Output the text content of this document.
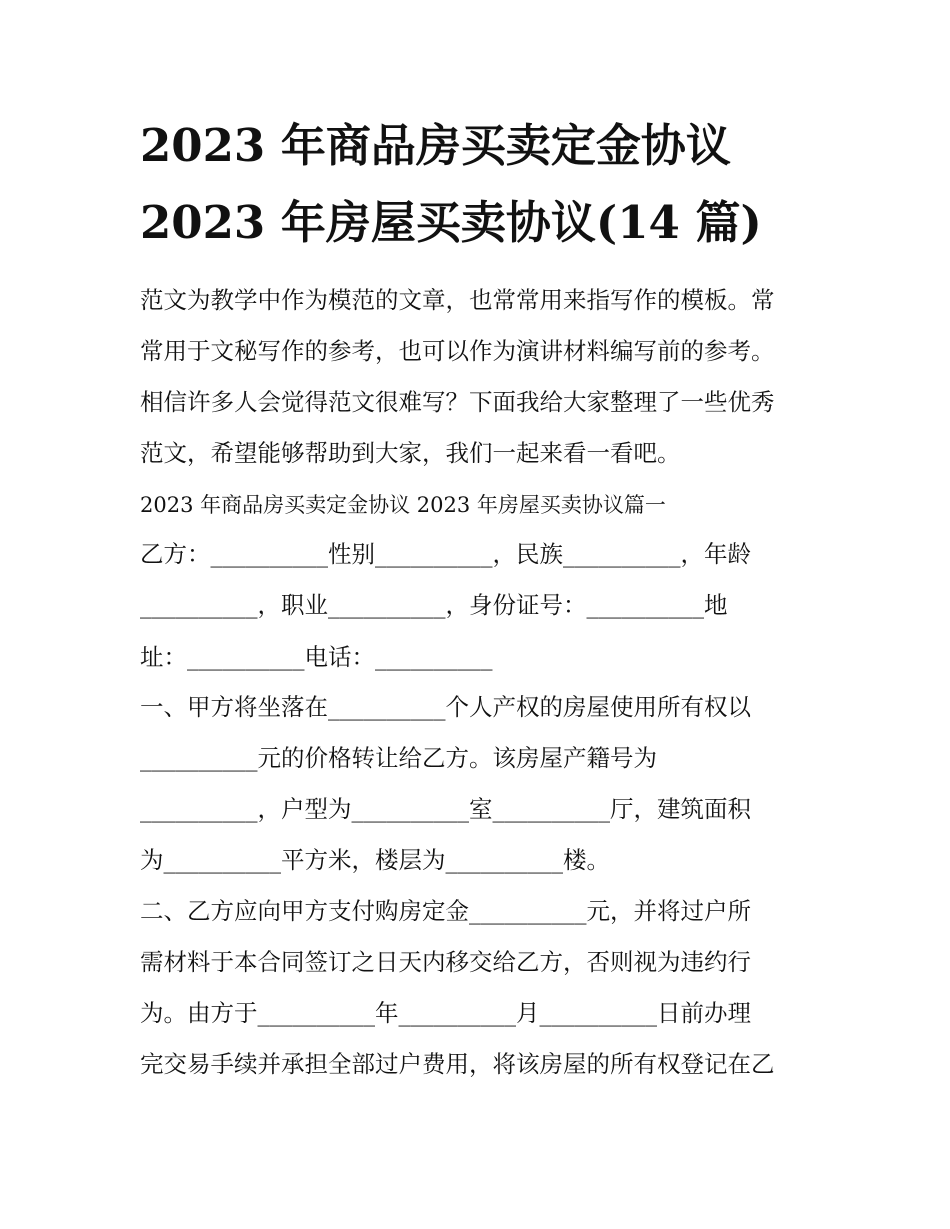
2023 年商品房买卖定金协议
2023 年房屋买卖协议(14 篇)
范文为教学中作为模范的文章，也常常用来指写作的模板。常
常用于文秘写作的参考，也可以作为演讲材料编写前的参考。
相信许多人会觉得范文很难写？下面我给大家整理了一些优秀
范文，希望能够帮助到大家，我们一起来看一看吧。
2023 年商品房买卖定金协议 2023 年房屋买卖协议篇一
乙方：__________性别__________，民族__________，年龄
__________，职业__________，身份证号：__________地
址：__________电话：__________
一、甲方将坐落在__________个人产权的房屋使用所有权以
__________元的价格转让给乙方。该房屋产籍号为
__________，户型为__________室__________厅，建筑面积
为__________平方米，楼层为__________楼。
二、乙方应向甲方支付购房定金__________元，并将过户所
需材料于本合同签订之日天内移交给乙方，否则视为违约行
为。由方于__________年__________月__________日前办理
完交易手续并承担全部过户费用，将该房屋的所有权登记在乙
